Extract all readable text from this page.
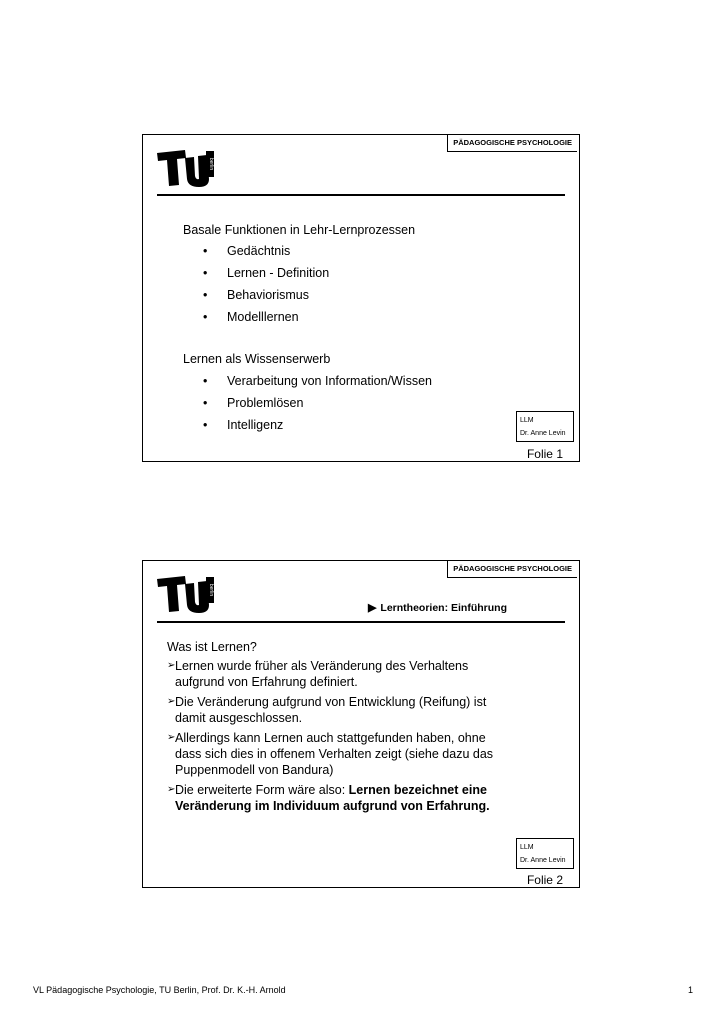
PÄDAGOGISCHE PSYCHOLOGIE
berlin
Basale Funktionen in Lehr-Lernprozessen
•	Gedächtnis
•	Lernen - Definition
•	Behaviorismus
•	Modelllernen
Lernen als Wissenserwerb
•	Verarbeitung von Information/Wissen
•	Problemlösen
•	Intelligenz	LLM
Dr. Anne Levin
Folie 1
PÄDAGOGISCHE PSYCHOLOGIE
berlin
▶ Lerntheorien: Einführung
Was ist Lernen?
➢ Lernen wurde früher als Veränderung des Verhaltens aufgrund von Erfahrung definiert.
➢ Die Veränderung aufgrund von Entwicklung (Reifung) ist damit ausgeschlossen.
➢ Allerdings kann Lernen auch stattgefunden haben, ohne dass sich dies in offenem Verhalten zeigt (siehe dazu das Puppenmodell von Bandura)
➢ Die erweiterte Form wäre also: Lernen bezeichnet eine Veränderung im Individuum aufgrund von Erfahrung.
LLM
Dr. Anne Levin
Folie 2
VL Pädagogische Psychologie, TU Berlin, Prof. Dr. K.-H. Arnold	1
